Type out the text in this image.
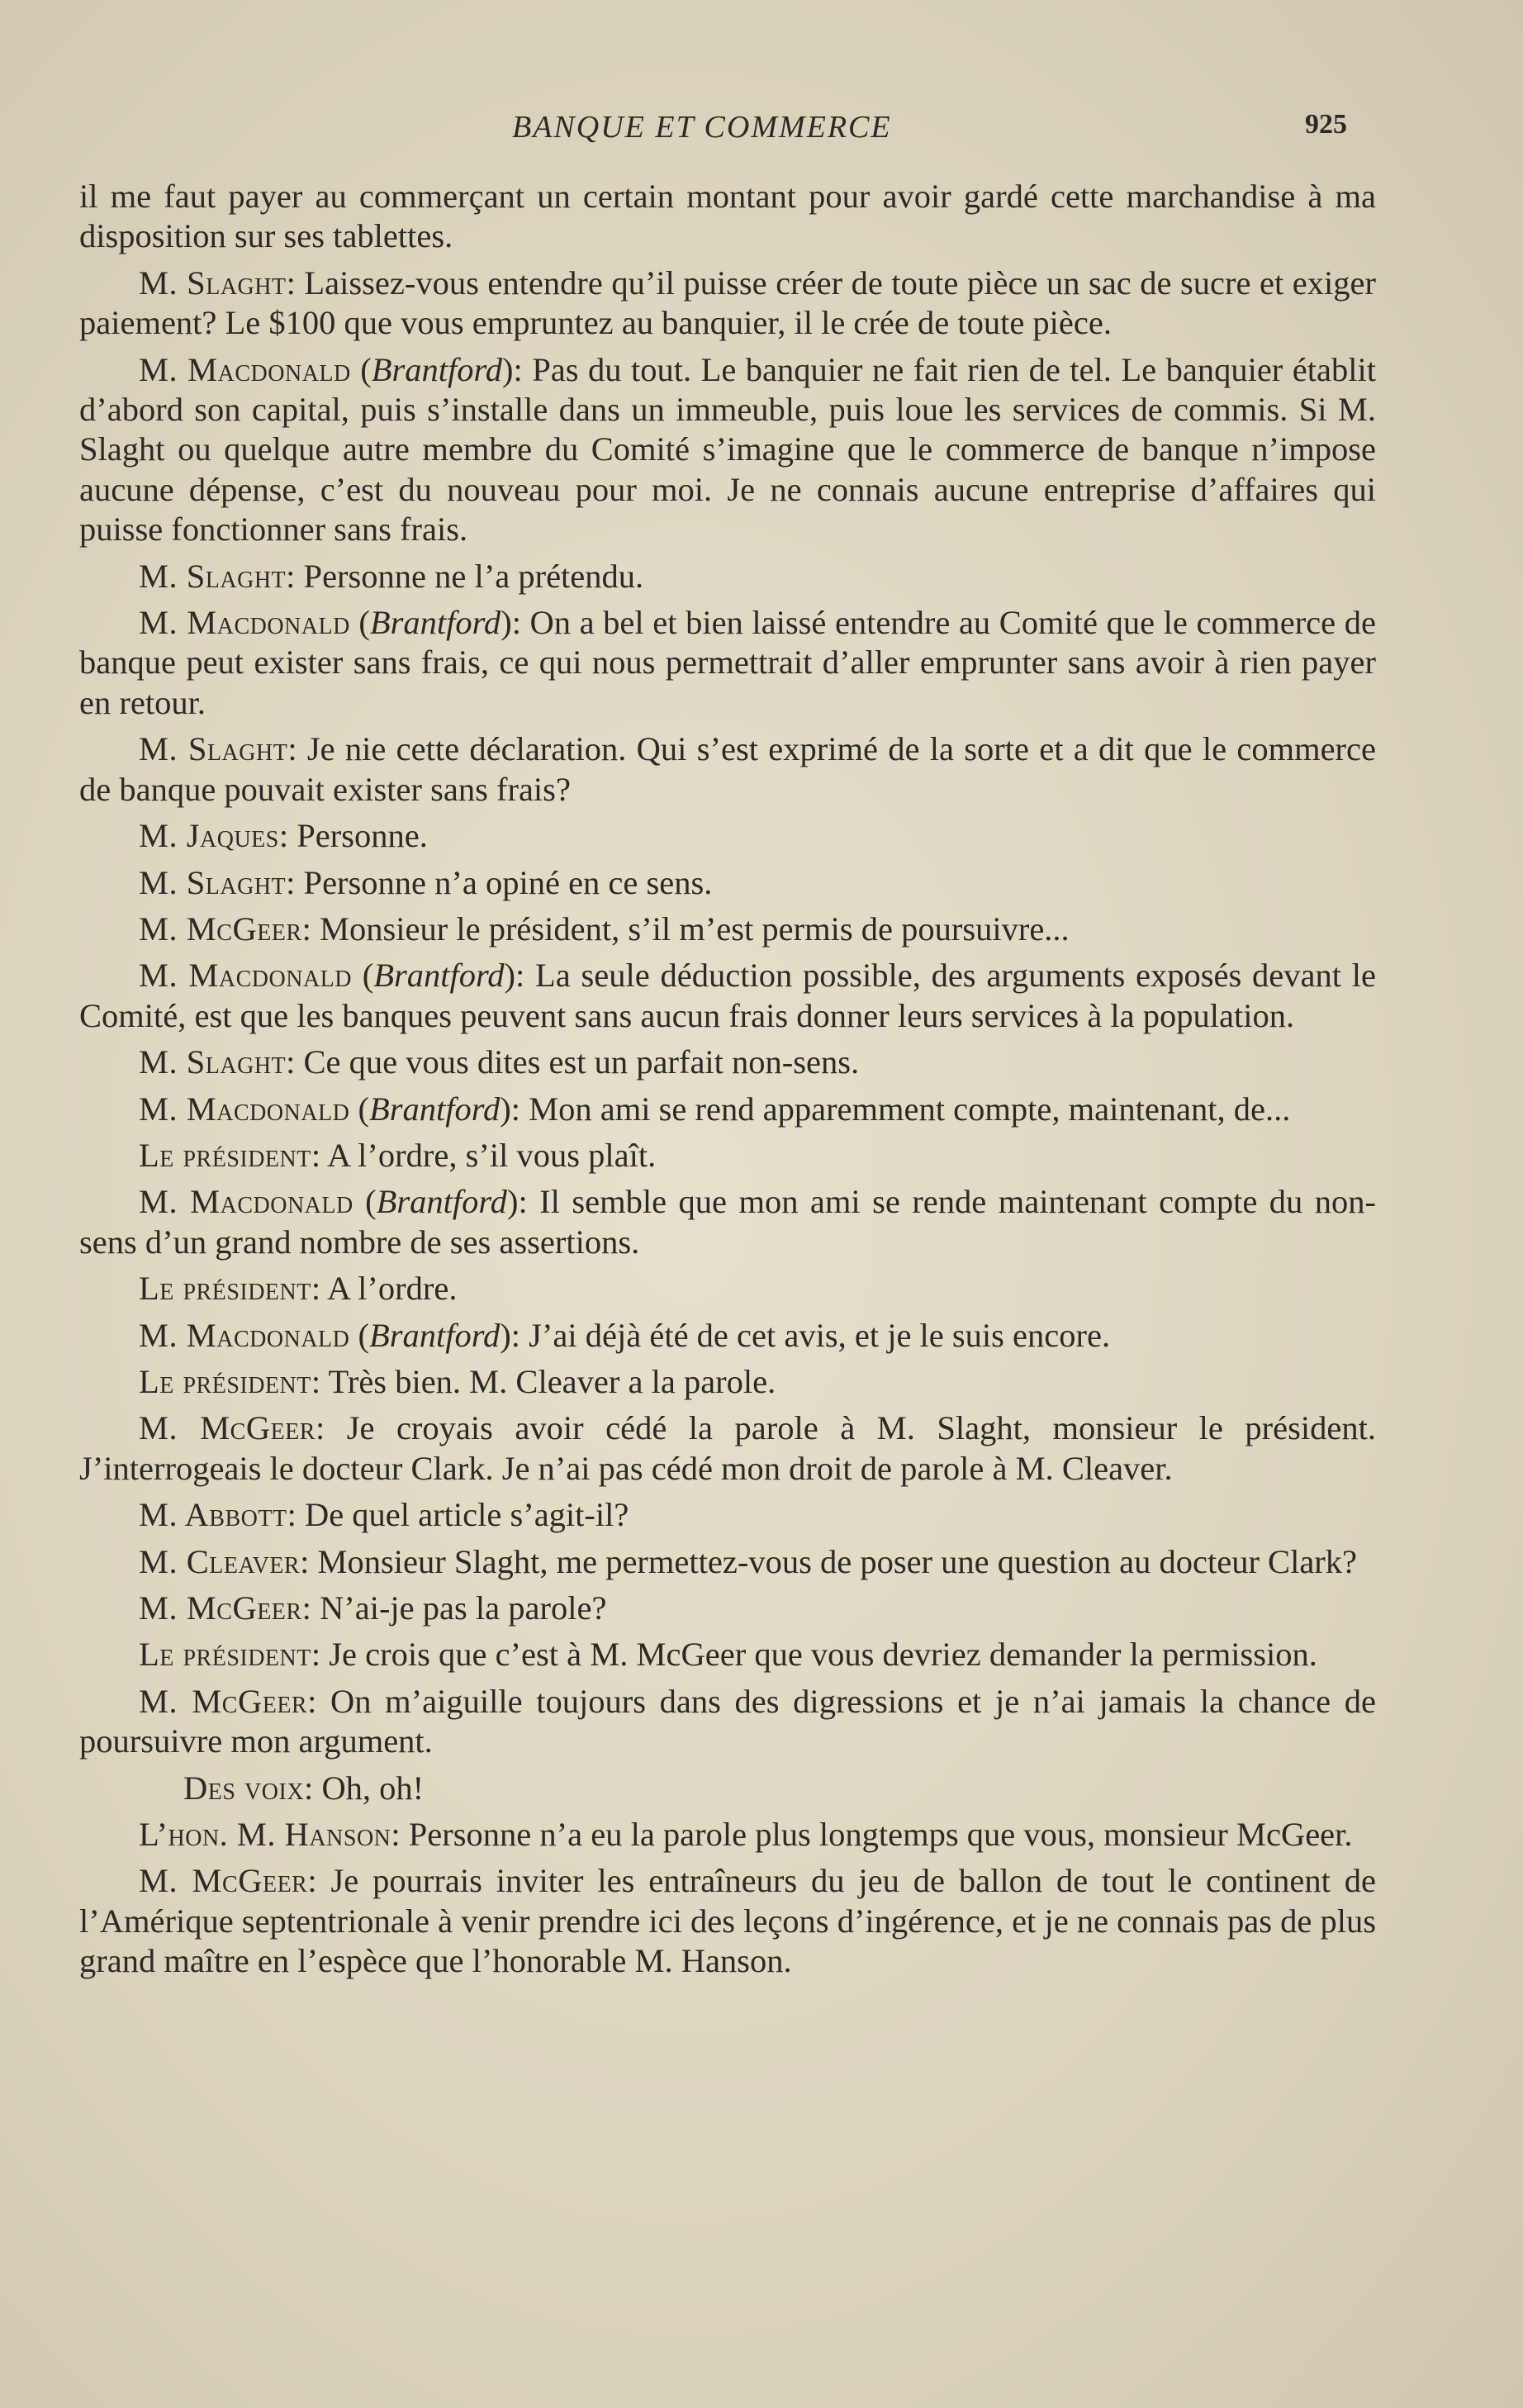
BANQUE ET COMMERCE	925

il me faut payer au commerçant un certain montant pour avoir gardé cette marchandise à ma disposition sur ses tablettes.

M. Slaght: Laissez-vous entendre qu’il puisse créer de toute pièce un sac de sucre et exiger paiement? Le $100 que vous empruntez au banquier, il le crée de toute pièce.

M. Macdonald (Brantford): Pas du tout. Le banquier ne fait rien de tel. Le banquier établit d’abord son capital, puis s’installe dans un immeuble, puis loue les services de commis. Si M. Slaght ou quelque autre membre du Comité s’imagine que le commerce de banque n’impose aucune dépense, c’est du nouveau pour moi. Je ne connais aucune entreprise d’affaires qui puisse fonctionner sans frais.

M. Slaght: Personne ne l’a prétendu.

M. Macdonald (Brantford): On a bel et bien laissé entendre au Comité que le commerce de banque peut exister sans frais, ce qui nous permettrait d’aller emprunter sans avoir à rien payer en retour.

M. Slaght: Je nie cette déclaration. Qui s’est exprimé de la sorte et a dit que le commerce de banque pouvait exister sans frais?

M. Jaques: Personne.

M. Slaght: Personne n’a opiné en ce sens.

M. McGeer: Monsieur le président, s’il m’est permis de poursuivre...

M. Macdonald (Brantford): La seule déduction possible, des arguments exposés devant le Comité, est que les banques peuvent sans aucun frais donner leurs services à la population.

M. Slaght: Ce que vous dites est un parfait non-sens.

M. Macdonald (Brantford): Mon ami se rend apparemment compte, maintenant, de...

Le président: A l’ordre, s’il vous plaît.

M. Macdonald (Brantford): Il semble que mon ami se rende maintenant compte du non-sens d’un grand nombre de ses assertions.

Le président: A l’ordre.

M. Macdonald (Brantford): J’ai déjà été de cet avis, et je le suis encore.

Le président: Très bien. M. Cleaver a la parole.

M. McGeer: Je croyais avoir cédé la parole à M. Slaght, monsieur le président. J’interrogeais le docteur Clark. Je n’ai pas cédé mon droit de parole à M. Cleaver.

M. Abbott: De quel article s’agit-il?

M. Cleaver: Monsieur Slaght, me permettez-vous de poser une question au docteur Clark?

M. McGeer: N’ai-je pas la parole?

Le président: Je crois que c’est à M. McGeer que vous devriez demander la permission.

M. McGeer: On m’aiguille toujours dans des digressions et je n’ai jamais la chance de poursuivre mon argument.

Des voix: Oh, oh!

L’hon. M. Hanson: Personne n’a eu la parole plus longtemps que vous, monsieur McGeer.

M. McGeer: Je pourrais inviter les entraîneurs du jeu de ballon de tout le continent de l’Amérique septentrionale à venir prendre ici des leçons d’ingérence, et je ne connais pas de plus grand maître en l’espèce que l’honorable M. Hanson.
